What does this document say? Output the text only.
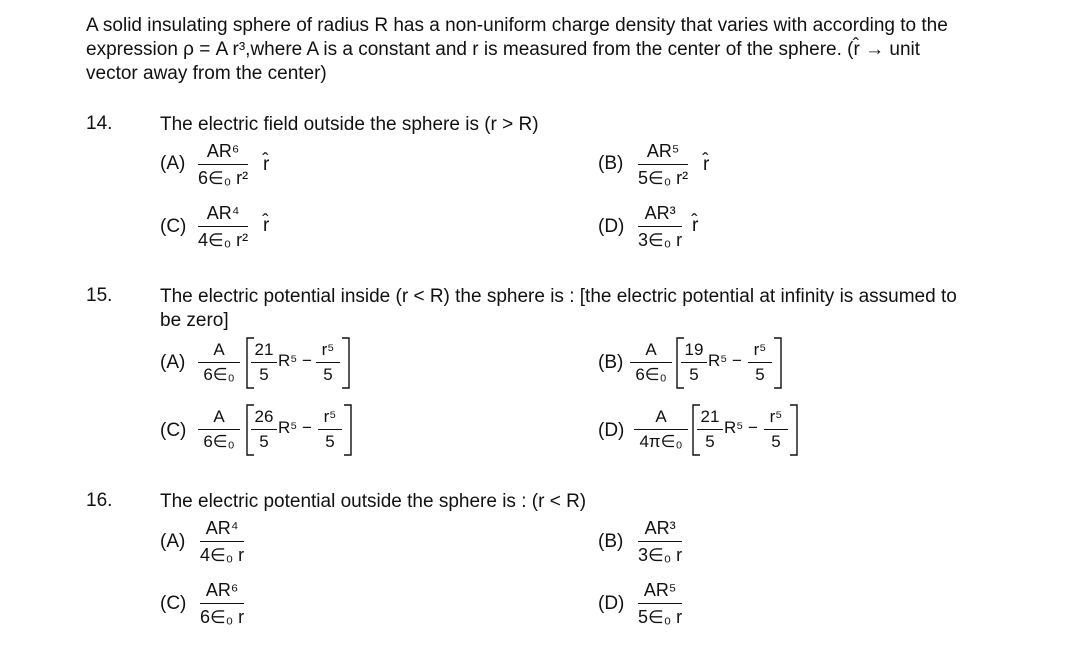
A solid insulating sphere of radius R has a non-uniform charge density that varies with according to the
expression ρ = A r³,where A is a constant and r is measured from the center of the sphere. (r̂ → unit
vector away from the center)
14.	The electric field outside the sphere is (r > R)
(A)
AR⁶
6∈₀ r²
r̂	(B)
AR⁵
5∈₀ r²
r̂
(C)
AR⁴
4∈₀ r²
r̂	(D)
AR³
3∈₀ r
r̂
15.	The electric potential inside (r < R) the sphere is : [the electric potential at infinity is assumed to
be zero]
(A)
A
6∈₀
21
5
R⁵ −
r⁵
5
(B)
A
6∈₀
19
5
R⁵ −
r⁵
5
(C)
A
6∈₀
26
5
R⁵ −
r⁵
5
(D)
A
4π∈₀
21
5
R⁵ −
r⁵
5
16.	The electric potential outside the sphere is : (r < R)
(A)
AR⁴
4∈₀ r
(B)
AR³
3∈₀ r
(C)
AR⁶
6∈₀ r
(D)
AR⁵
5∈₀ r
